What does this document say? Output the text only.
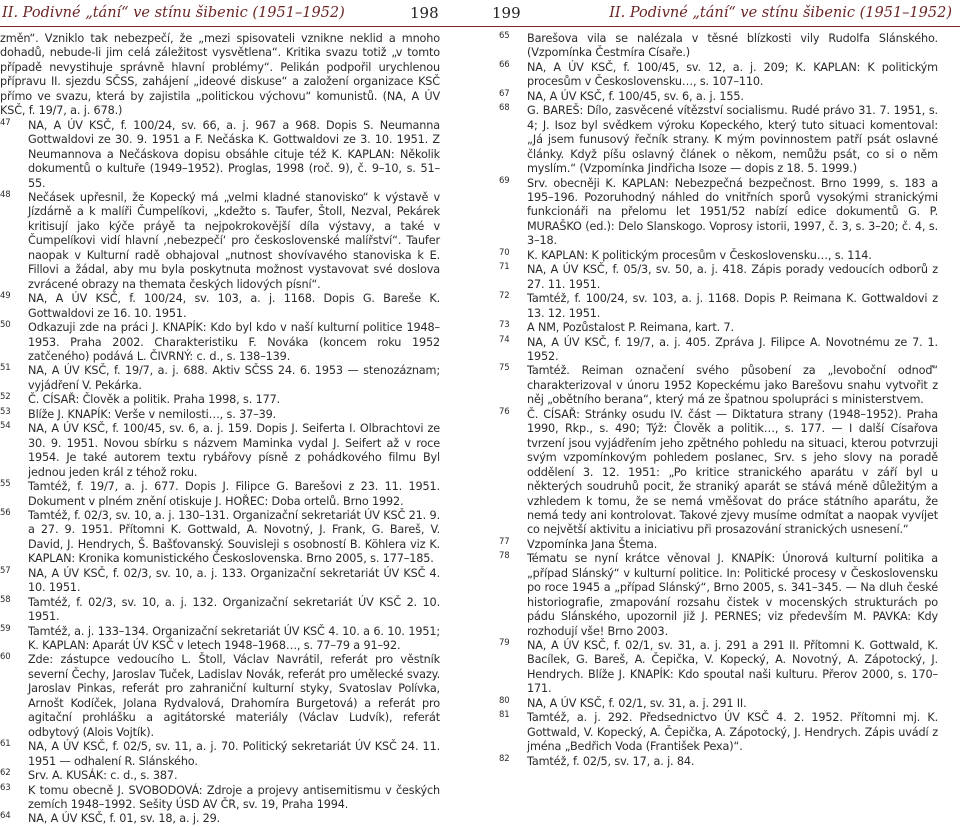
II. Podivné „tání“ ve stínu šibenic (1951–1952)	198

změn“. Vzniklo tak nebezpečí, že „mezi spisovateli vznikne neklid a mnoho dohadů, nebude-li jim celá záležitost vysvětlena“. Kritika svazu totiž „v tomto případě nevystihuje správně hlavní problémy“. Pelikán podpořil urychlenou přípravu II. sjezdu SČSS, zahájení „ideové diskuse“ a založení organizace KSČ přímo ve svazu, která by zajistila „politickou výchovu“ komunistů. (NA, A ÚV KSČ, f. 19/7, a. j. 678.)

47 NA, A ÚV KSČ, f. 100/24, sv. 66, a. j. 967 a 968. Dopis S. Neumanna Gottwaldovi ze 30. 9. 1951 a F. Nečáska K. Gottwaldovi ze 3. 10. 1951. Z Neumannova a Nečáskova dopisu obsáhle cituje též K. KAPLAN: Několik dokumentů o kultuře (1949–1952). Proglas, 1998 (roč. 9), č. 9–10, s. 51–55.

48 Nečásek upřesnil, že Kopecký má „velmi kladné stanovisko“ k výstavě v Jízdárně a k malíři Čumpelíkovi, „kdežto s. Taufer, Štoll, Nezval, Pekárek kritisují jako kýče práyě ta nejpokrokovější díla výstavy, a také v Čumpelíkovi vidí hlavní ‚nebezpečí‘ pro československé malířství“. Taufer naopak v Kulturní radě obhajoval „nutnost shovívavého stanoviska k E. Fillovi a žádal, aby mu byla poskytnuta možnost vystavovat své doslova zvrácené obrazy na themata českých lidových písní“.

49 NA, A ÚV KSČ, f. 100/24, sv. 103, a. j. 1168. Dopis G. Bareše K. Gottwaldovi ze 16. 10. 1951.

50 Odkazuji zde na práci J. KNAPÍK: Kdo byl kdo v naší kulturní politice 1948–1953. Praha 2002. Charakteristiku F. Nováka (koncem roku 1952 zatčeného) podává L. ČIVRNÝ: c. d., s. 138–139.

51 NA, A ÚV KSČ, f. 19/7, a. j. 688. Aktiv SČSS 24. 6. 1953 — stenozáznam; vyjádření V. Pekárka.

52 Č. CÍSAŘ: Člověk a politik. Praha 1998, s. 177.

53 Blíže J. KNAPÍK: Verše v nemilosti…, s. 37–39.

54 NA, A ÚV KSČ, f. 100/45, sv. 6, a. j. 159. Dopis J. Seiferta I. Olbrachtovi ze 30. 9. 1951. Novou sbírku s názvem Maminka vydal J. Seifert až v roce 1954. Je také autorem textu rybářovy písně z pohádkového filmu Byl jednou jeden král z téhož roku.

55 Tamtéž, f. 19/7, a. j. 677. Dopis J. Filipce G. Barešovi z 23. 11. 1951. Dokument v plném znění otiskuje J. HOŘEC: Doba ortelů. Brno 1992.

56 Tamtéž, f. 02/3, sv. 10, a. j. 130–131. Organizační sekretariát ÚV KSČ 21. 9. a 27. 9. 1951. Přítomni K. Gottwald, A. Novotný, J. Frank, G. Bareš, V. David, J. Hendrych, Š. Bašťovanský. Souvisleji s osobností B. Köhlera viz K. KAPLAN: Kronika komunistického Československa. Brno 2005, s. 177–185.

57 NA, A ÚV KSČ, f. 02/3, sv. 10, a. j. 133. Organizační sekretariát ÚV KSČ 4. 10. 1951.

58 Tamtéž, f. 02/3, sv. 10, a. j. 132. Organizační sekretariát ÚV KSČ 2. 10. 1951.

59 Tamtéž, a. j. 133–134. Organizační sekretariát ÚV KSČ 4. 10. a 6. 10. 1951; K. KAPLAN: Aparát ÚV KSČ v letech 1948–1968…, s. 77–79 a 91–92.

60 Zde: zástupce vedoucího L. Štoll, Václav Navrátil, referát pro věstník severní Čechy, Jaroslav Tuček, Ladislav Novák, referát pro umělecké svazy. Jaroslav Pinkas, referát pro zahraniční kulturní styky, Svatoslav Polívka, Arnošt Kodíček, Jolana Rydvalová, Drahomíra Burgetová) a referát pro agitační prohlášku a agitátorské materiály (Václav Ludvík), referát odbytový (Alois Vojtík).

61 NA, A ÚV KSČ, f. 02/5, sv. 11, a. j. 70. Politický sekretariát ÚV KSČ 24. 11. 1951 — odhalení R. Slánského.

62 Srv. A. KUSÁK: c. d., s. 387.

63 K tomu obecně J. SVOBODOVÁ: Zdroje a projevy antisemitismu v českých zemích 1948–1992. Sešity ÚSD AV ČR, sv. 19, Praha 1994.

64 NA, A ÚV KSČ, f. 01, sv. 18, a. j. 29.

199	II. Podivné „tání“ ve stínu šibenic (1951–1952)

65 Barešova vila se nalézala v těsné blízkosti vily Rudolfa Slánského. (Vzpomínka Čestmíra Císaře.)

66 NA, A ÚV KSČ, f. 100/45, sv. 12, a. j. 209; K. KAPLAN: K politickým procesům v Československu…, s. 107–110.

67 NA, A ÚV KSČ, f. 100/45, sv. 6, a. j. 155.

68 G. BAREŠ: Dílo, zasvěcené vítězství socialismu. Rudé právo 31. 7. 1951, s. 4; J. Isoz byl svědkem výroku Kopeckého, který tuto situaci komentoval: „Já jsem funusový řečník strany. K mým povinnostem patří psát oslavné články. Když píšu oslavný článek o někom, nemůžu psát, co si o něm myslím.“ (Vzpomínka Jindřicha Isoze — dopis z 18. 5. 1999.)

69 Srv. obecněji K. KAPLAN: Nebezpečná bezpečnost. Brno 1999, s. 183 a 195–196. Pozoruhodný náhled do vnitřních sporů vysokými stranickými funkcionáři na přelomu let 1951/52 nabízí edice dokumentů G. P. MURAŠKO (ed.): Delo Slanskogo. Voprosy istorii, 1997, č. 3, s. 3–20; č. 4, s. 3–18.

70 K. KAPLAN: K politickým procesům v Československu…, s. 114.

71 NA, A ÚV KSČ, f. 05/3, sv. 50, a. j. 418. Zápis porady vedoucích odborů z 27. 11. 1951.

72 Tamtéž, f. 100/24, sv. 103, a. j. 1168. Dopis P. Reimana K. Gottwaldovi z 13. 12. 1951.

73 A NM, Pozůstalost P. Reimana, kart. 7.

74 NA, A ÚV KSČ, f. 19/7, a. j. 405. Zpráva J. Filipce A. Novotnému ze 7. 1. 1952.

75 Tamtéž. Reiman označení svého působení za „levoboční odnoď“ charakterizoval v únoru 1952 Kopeckému jako Barešovu snahu vytvořit z něj „obětního berana“, který má ze špatnou spolupráci s ministerstvem.

76 Č. CÍSAŘ: Stránky osudu IV. část — Diktatura strany (1948–1952). Praha 1990, Rkp., s. 490; Týž: Člověk a politik…, s. 177. — I další Císařova tvrzení jsou vyjádřením jeho zpětného pohledu na situaci, kterou potvrzuji svým vzpomínkovým pohledem poslanec, Srv. s jeho slovy na poradě oddělení 3. 12. 1951: „Po kritice stranického aparátu v září byl u některých soudruhů pocit, že straniký aparát se stává méně důležitým a vzhledem k tomu, že se nemá vměšovat do práce státního aparátu, že nemá tedy ani kontrolovat. Takové zjevy musíme odmítat a naopak vyvíjet co největší aktivitu a iniciativu při prosazování stranických usnesení.“

77 Vzpomínka Jana Štema.

78 Tématu se nyní krátce věnoval J. KNAPÍK: Únorová kulturní politika a „případ Slánský“ v kulturní politice. In: Politické procesy v Československu po roce 1945 a „případ Slánský“, Brno 2005, s. 341–345. — Na dluh české historiografie, zmapování rozsahu čistek v mocenských strukturách po pádu Slánského, upozornil již J. PERNES; viz především M. PAVKA: Kdy rozhodují vše! Brno 2003.

79 NA, A ÚV KSČ, f. 02/1, sv. 31, a. j. 291 a 291 II. Přítomni K. Gottwald, K. Bacílek, G. Bareš, A. Čepička, V. Kopecký, A. Novotný, A. Zápotocký, J. Hendrych. Blíže J. KNAPÍK: Kdo spoutal naši kulturu. Přerov 2000, s. 170–171.

80 NA, A ÚV KSČ, f. 02/1, sv. 31, a. j. 291 II.

81 Tamtéž, a. j. 292. Předsednictvo ÚV KSČ 4. 2. 1952. Přítomni mj. K. Gottwald, V. Kopecký, A. Čepička, A. Zápotocký, J. Hendrych. Zápis uvádí z jména „Bedřich Voda (František Pexa)“.

82 Tamtéž, f. 02/5, sv. 17, a. j. 84.
